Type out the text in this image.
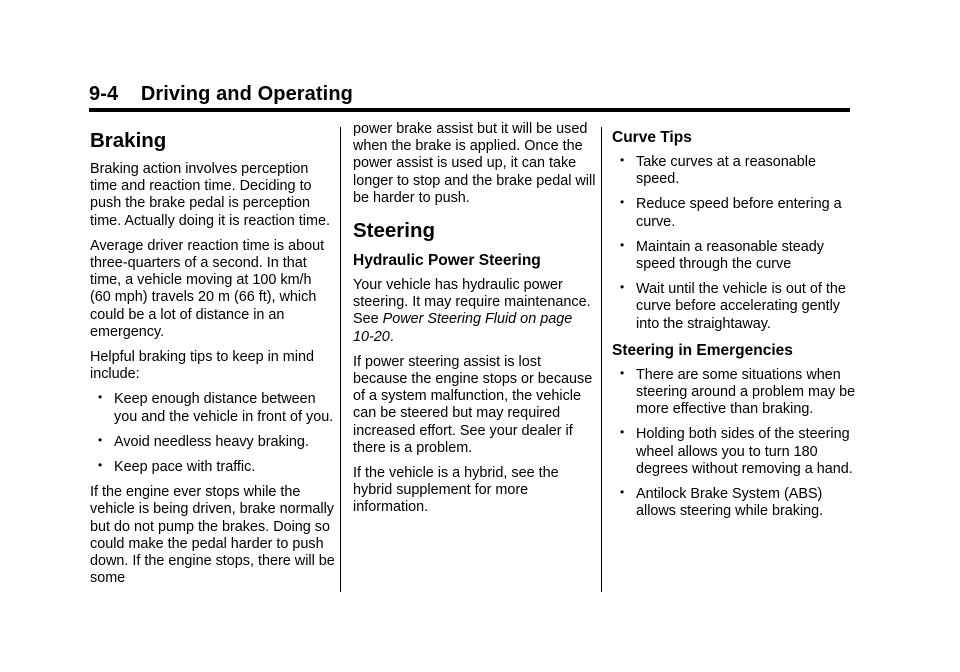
9-4    Driving and Operating
Braking

Braking action involves perception time and reaction time. Deciding to push the brake pedal is perception time. Actually doing it is reaction time.

Average driver reaction time is about three-quarters of a second. In that time, a vehicle moving at 100 km/h (60 mph) travels 20 m (66 ft), which could be a lot of distance in an emergency.

Helpful braking tips to keep in mind include:

• Keep enough distance between you and the vehicle in front of you.
• Avoid needless heavy braking.
• Keep pace with traffic.

If the engine ever stops while the vehicle is being driven, brake normally but do not pump the brakes. Doing so could make the pedal harder to push down. If the engine stops, there will be some

power brake assist but it will be used when the brake is applied. Once the power assist is used up, it can take longer to stop and the brake pedal will be harder to push.

Steering
Hydraulic Power Steering

Your vehicle has hydraulic power steering. It may require maintenance. See Power Steering Fluid on page 10‑20.

If power steering assist is lost because the engine stops or because of a system malfunction, the vehicle can be steered but may required increased effort. See your dealer if there is a problem.

If the vehicle is a hybrid, see the hybrid supplement for more information.

Curve Tips
• Take curves at a reasonable speed.
• Reduce speed before entering a curve.
• Maintain a reasonable steady speed through the curve
• Wait until the vehicle is out of the curve before accelerating gently into the straightaway.
Steering in Emergencies
• There are some situations when steering around a problem may be more effective than braking.
• Holding both sides of the steering wheel allows you to turn 180 degrees without removing a hand.
• Antilock Brake System (ABS) allows steering while braking.
